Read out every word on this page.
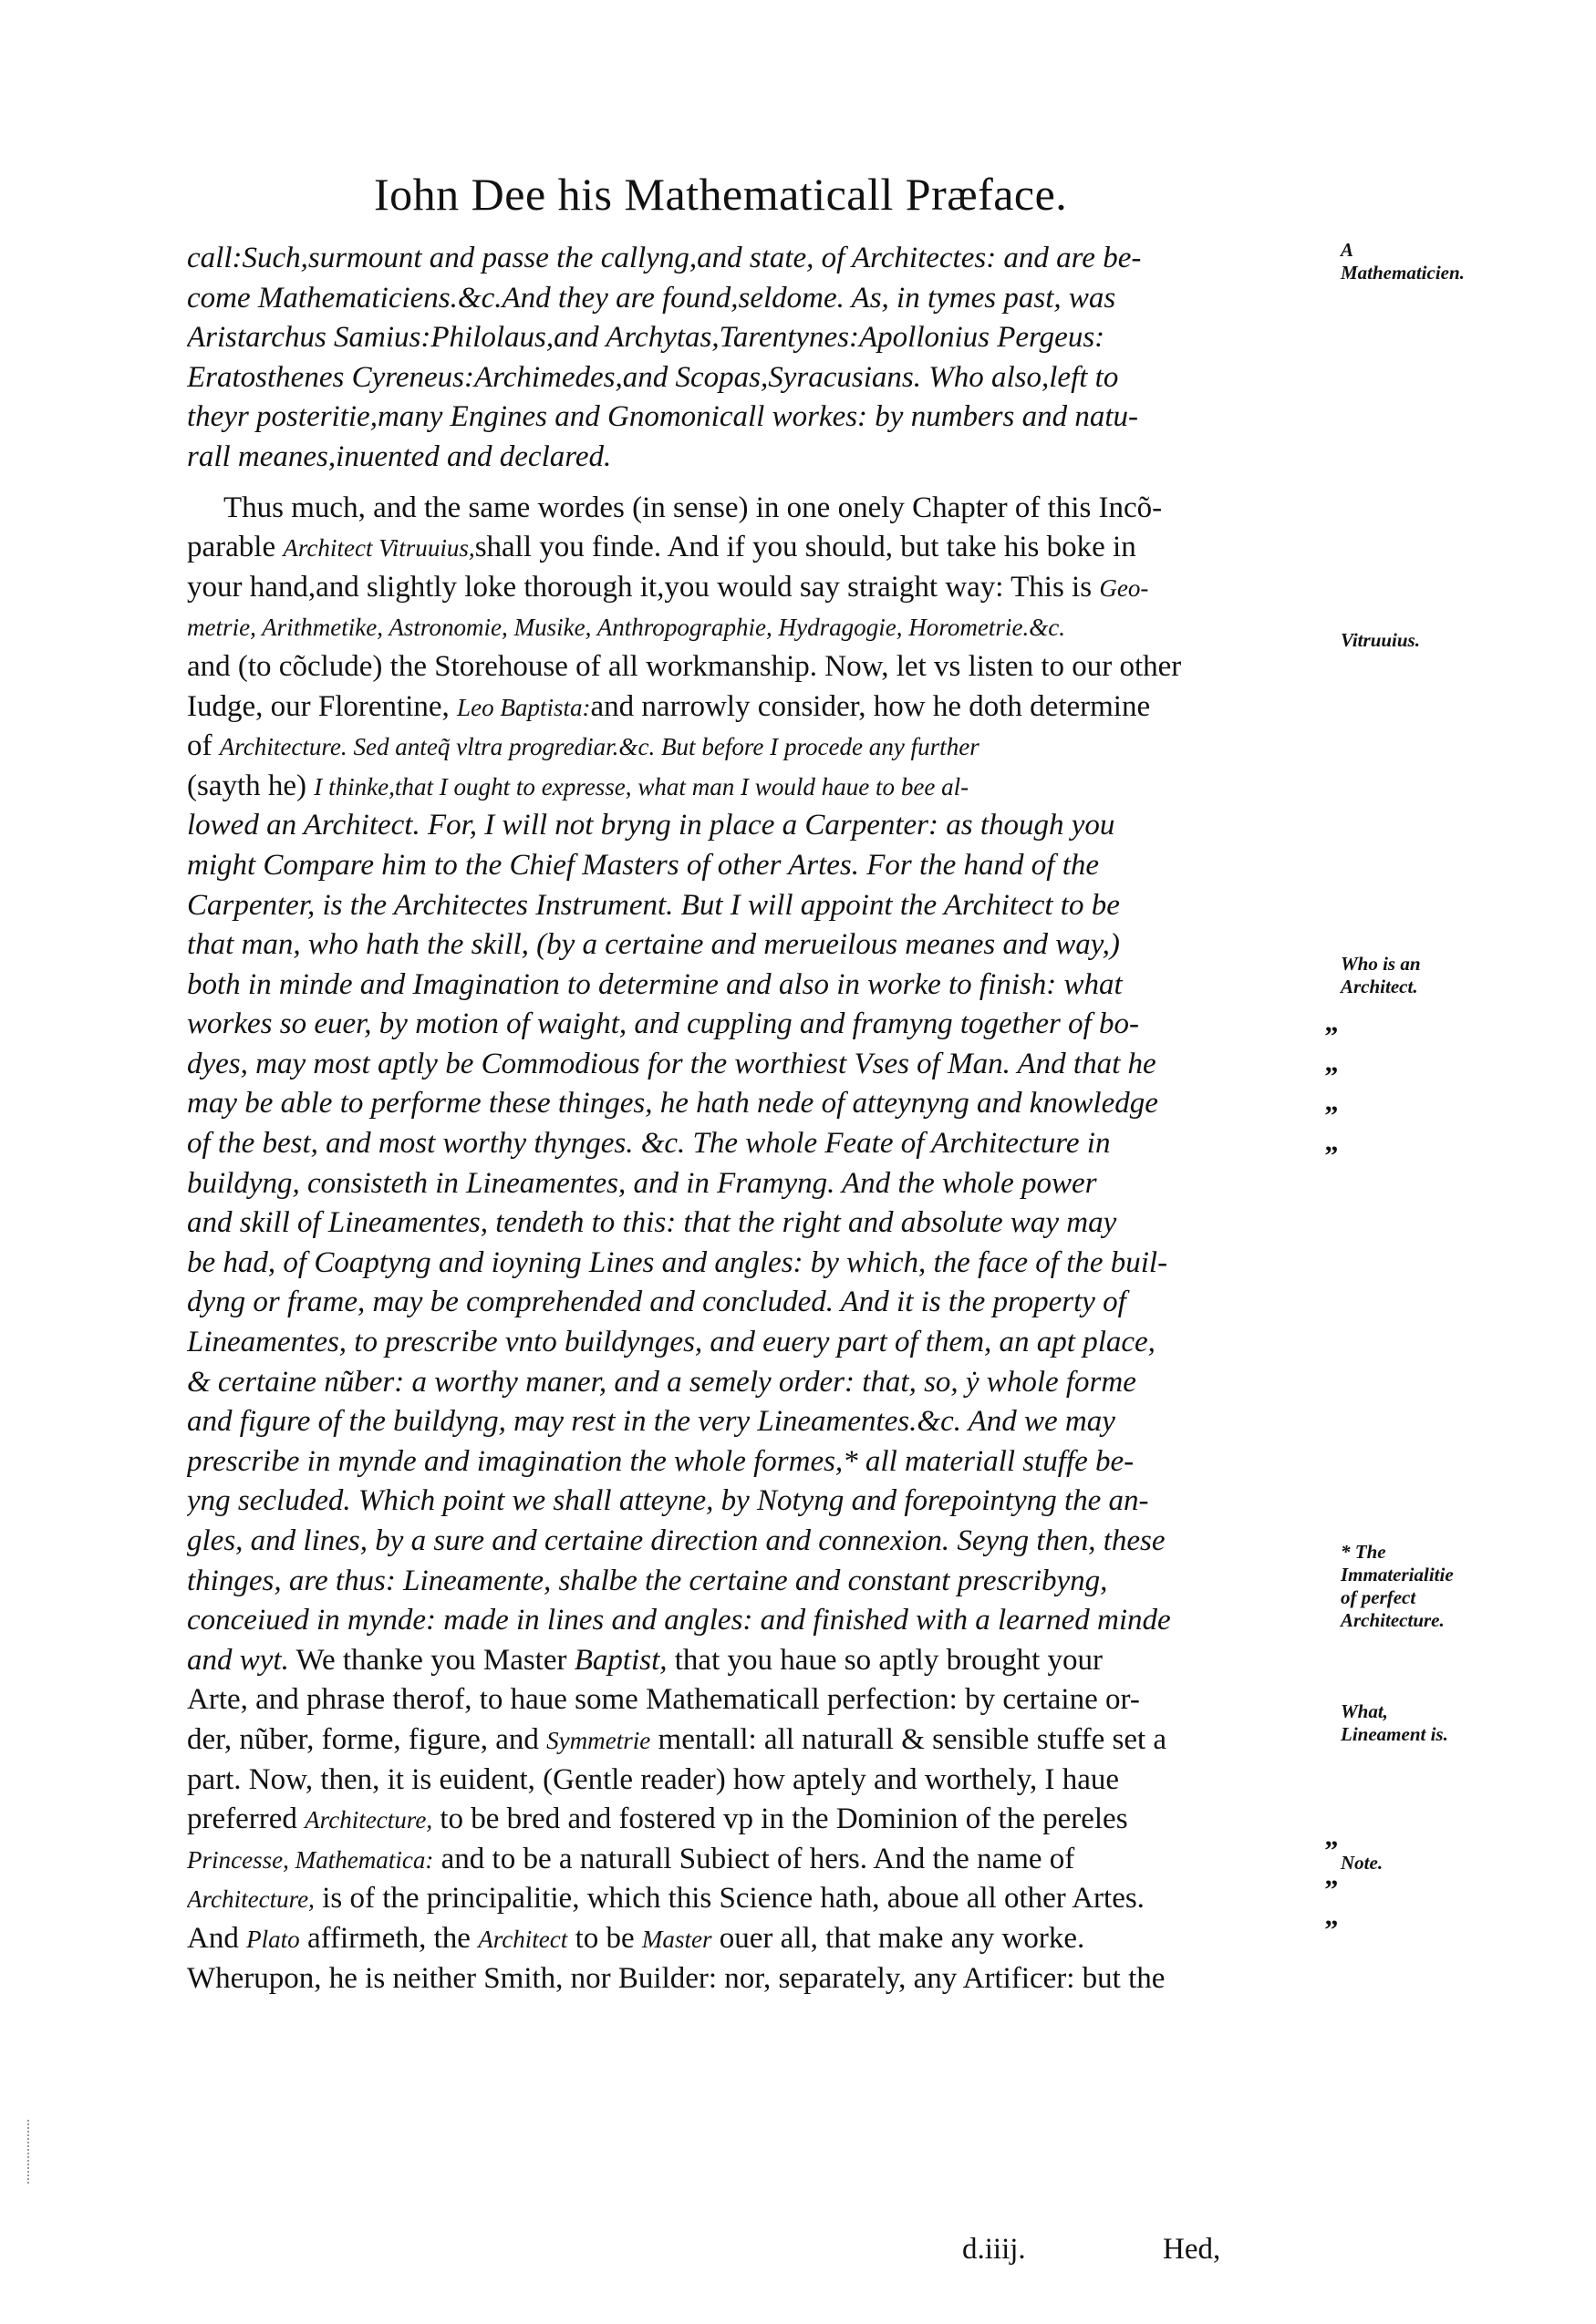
Iohn Dee his Mathematicall Præface.
call:Such,surmount and passe the callyng,and state, of Architectes: and are be-
come Mathematiciens.&c.And they are found,seldome. As, in tymes past, was
Aristarchus Samius:Philolaus,and Archytas,Tarentynes:Apollonius Pergeus:
Eratosthenes Cyreneus:Archimedes,and Scopas,Syracusians. Who also,left to
theyr posteritie,many Engines and Gnomonicall workes: by numbers and natu-
rall meanes,inuented and declared.
Thus much, and the same wordes (in sense) in one onely Chapter of this Incõ-
parable Architect Vitruuius,shall you finde. And if you should, but take his boke in
your hand,and slightly loke thorough it,you would say straight way: This is Geo-
metrie, Arithmetike, Astronomie, Musike, Anthropographie, Hydragogie, Horometrie.&c.
and (to cõclude) the Storehouse of all workmanship. Now, let vs listen to our other
Iudge, our Florentine, Leo Baptista:and narrowly consider, how he doth determine
of Architecture. Sed anteq̃ vltra progrediar.&c. But before I procede any further
(sayth he) I thinke,that I ought to expresse, what man I would haue to bee al-
lowed an Architect. For, I will not bryng in place a Carpenter: as though you
might Compare him to the Chief Masters of other Artes. For the hand of the
Carpenter, is the Architectes Instrument. But I will appoint the Architect to be
that man, who hath the skill, (by a certaine and merueilous meanes and way,)
both in minde and Imagination to determine and also in worke to finish: what
workes so euer, by motion of waight, and cuppling and framyng together of bo-
dyes, may most aptly be Commodious for the worthiest Vses of Man. And that he
may be able to performe these thinges, he hath nede of atteynyng and knowledge
of the best, and most worthy thynges. &c. The whole Feate of Architecture in
buildyng, consisteth in Lineamentes, and in Framyng. And the whole power
and skill of Lineamentes, tendeth to this: that the right and absolute way may
be had, of Coaptyng and ioyning Lines and angles: by which, the face of the buil-
dyng or frame, may be comprehended and concluded. And it is the property of
Lineamentes, to prescribe vnto buildynges, and euery part of them, an apt place,
& certaine nũber: a worthy maner, and a semely order: that, so, ẏ whole forme
and figure of the buildyng, may rest in the very Lineamentes.&c. And we may
prescribe in mynde and imagination the whole formes,* all materiall stuffe be-
yng secluded. Which point we shall atteyne, by Notyng and forepointyng the an-
gles, and lines, by a sure and certaine direction and connexion. Seyng then, these
thinges, are thus: Lineamente, shalbe the certaine and constant prescribyng,
conceiued in mynde: made in lines and angles: and finished with a learned minde
and wyt. We thanke you Master Baptist, that you haue so aptly brought your
Arte, and phrase therof, to haue some Mathematicall perfection: by certaine or-
der, nũber, forme, figure, and Symmetrie mentall: all naturall & sensible stuffe set a
part. Now, then, it is euident, (Gentle reader) how aptely and worthely, I haue
preferred Architecture, to be bred and fostered vp in the Dominion of the pereles
Princesse, Mathematica: and to be a naturall Subiect of hers. And the name of
Architecture, is of the principalitie, which this Science hath, aboue all other Artes.
And Plato affirmeth, the Architect to be Master ouer all, that make any worke.
Wherupon, he is neither Smith, nor Builder: nor, separately, any Artificer: but the
A Mathematicien.
Vitruuius.
Who is an Architect.
* The Immaterialitie of perfect Architecture.
What, Lineament is.
Note.
„
„
„
„
„
„
„
d.iiij.	Hed,
